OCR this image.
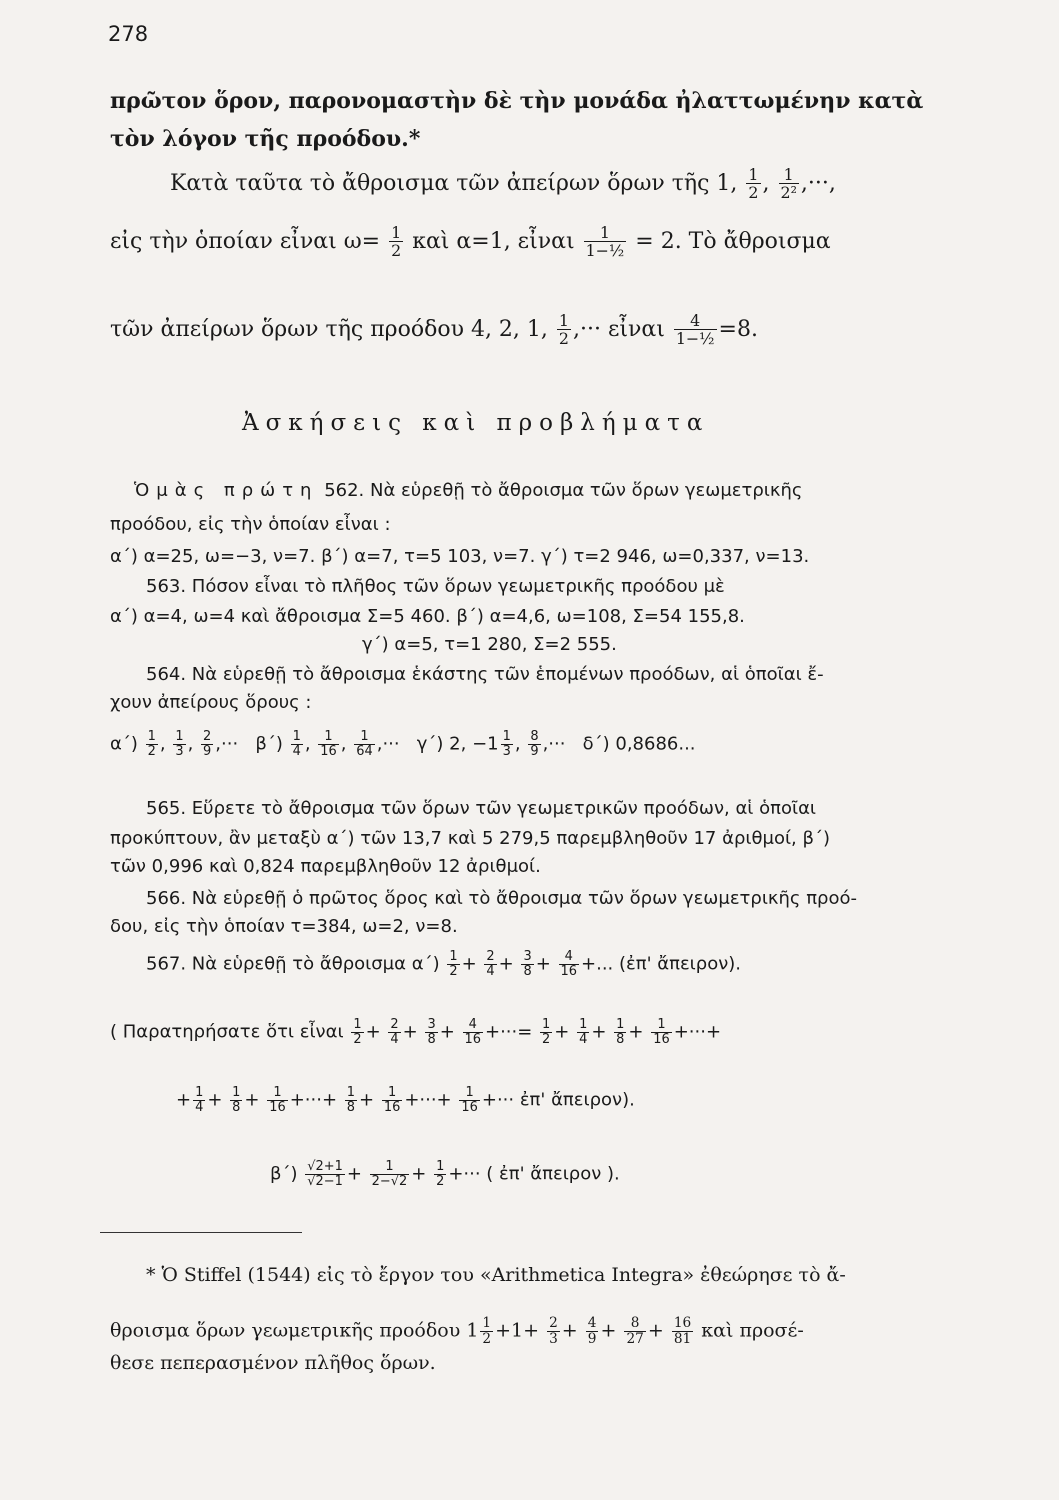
278
πρῶτον ὅρον, παρονομαστὴν δὲ τὴν μονάδα ἠλαττωμένην κατὰ
τὸν λόγον τῆς προόδου.*
Κατὰ ταῦτα τὸ ἄθροισμα τῶν ἀπείρων ὅρων τῆς 1, $\frac{1}{2}$ , $\frac{1}{\text{2²}}$ ,···,
εἰς τὴν ὁποίαν εἶναι $\omega= \frac{1}{2}$ καὶ α=1, εἶναι $\frac{1}{\text{1−½}} = 2$. Τὸ ἄθροισμα
τῶν ἀπείρων ὅρων τῆς προόδου 4, 2, 1, $\frac{1}{2}$ ,··· εἶναι $\frac{4}{\text{1−½}} =8$.
Ἀσκήσεις καὶ προβλήματα
Ὁμὰς πρώτη 562. Νὰ εὑρεθῇ τὸ ἄθροισμα τῶν ὅρων γεωμετρικῆς
προόδου, εἰς τὴν ὁποίαν εἶναι :
α΄) α=25, ω=−3, ν=7. β΄) α=7, τ=5 103, ν=7. γ΄) τ=2 946, ω=0,337, ν=13.
563. Πόσον εἶναι τὸ πλῆθος τῶν ὅρων γεωμετρικῆς προόδου μὲ
α΄) α=4, ω=4 καὶ ἄθροισμα Σ=5 460. β΄) α=4,6, ω=108, Σ=54 155,8.
γ΄) α=5, τ=1 280, Σ=2 555.
564. Νὰ εὑρεθῇ τὸ ἄθροισμα ἑκάστης τῶν ἑπομένων προόδων, αἱ ὁποῖαι ἔ-
χουν ἀπείρους ὅρους :
$\alpha΄) \frac{1}{2}$ , $\frac{1}{3}$ , $\frac{2}{9}$ ,···   $\beta΄) \frac{1}{4}$ , $\frac{1}{16}$ , $\frac{1}{64}$ ,···   γ΄) 2, $-1 \frac{1}{3}$ , $\frac{8}{9}$ ,···   δ΄) 0,8686...
565. Εὕρετε τὸ ἄθροισμα τῶν ὅρων τῶν γεωμετρικῶν προόδων, αἱ ὁποῖαι
προκύπτουν, ἂν μεταξὺ α΄) τῶν 13,7 καὶ 5 279,5 παρεμβληθοῦν 17 ἀριθμοί, β΄)
τῶν 0,996 καὶ 0,824 παρεμβληθοῦν 12 ἀριθμοί.
566. Νὰ εὑρεθῇ ὁ πρῶτος ὅρος καὶ τὸ ἄθροισμα τῶν ὅρων γεωμετρικῆς προό-
δου, εἰς τὴν ὁποίαν τ=384, ω=2, ν=8.
567. Νὰ εὑρεθῇ τὸ ἄθροισμα $\alpha΄) \frac{1}{2} + \frac{2}{4} + \frac{3}{8} + \frac{4}{16}$ +... (ἐπ' ἄπειρον).
( Παρατηρήσατε ὅτι εἶναι $\frac{1}{2} + \frac{2}{4} + \frac{3}{8} + \frac{4}{16}$ +···= $\frac{1}{2} + \frac{1}{4} + \frac{1}{8} + \frac{1}{16}$ +···+
+ $\frac{1}{4} + \frac{1}{8} + \frac{1}{16}$ +···+ $\frac{1}{8} + \frac{1}{16}$ +···+ $\frac{1}{16}$ +··· ἐπ' ἄπειρον).
$\beta΄) \frac{√2+1}{√2-1} + \frac{1}{2-√2} + \frac{1}{2}$ +··· ( ἐπ' ἄπειρον ).
* Ὁ Stiffel (1544) εἰς τὸ ἔργον του «Arithmetica Integra» ἐθεώρησε τὸ ἄ-
θροισμα ὅρων γεωμετρικῆς προόδου $1 \frac{1}{2} +1+ \frac{2}{3} + \frac{4}{9} + \frac{8}{27} + \frac{16}{81}$ καὶ προσέ-
θεσε πεπερασμένον πλῆθος ὅρων.
